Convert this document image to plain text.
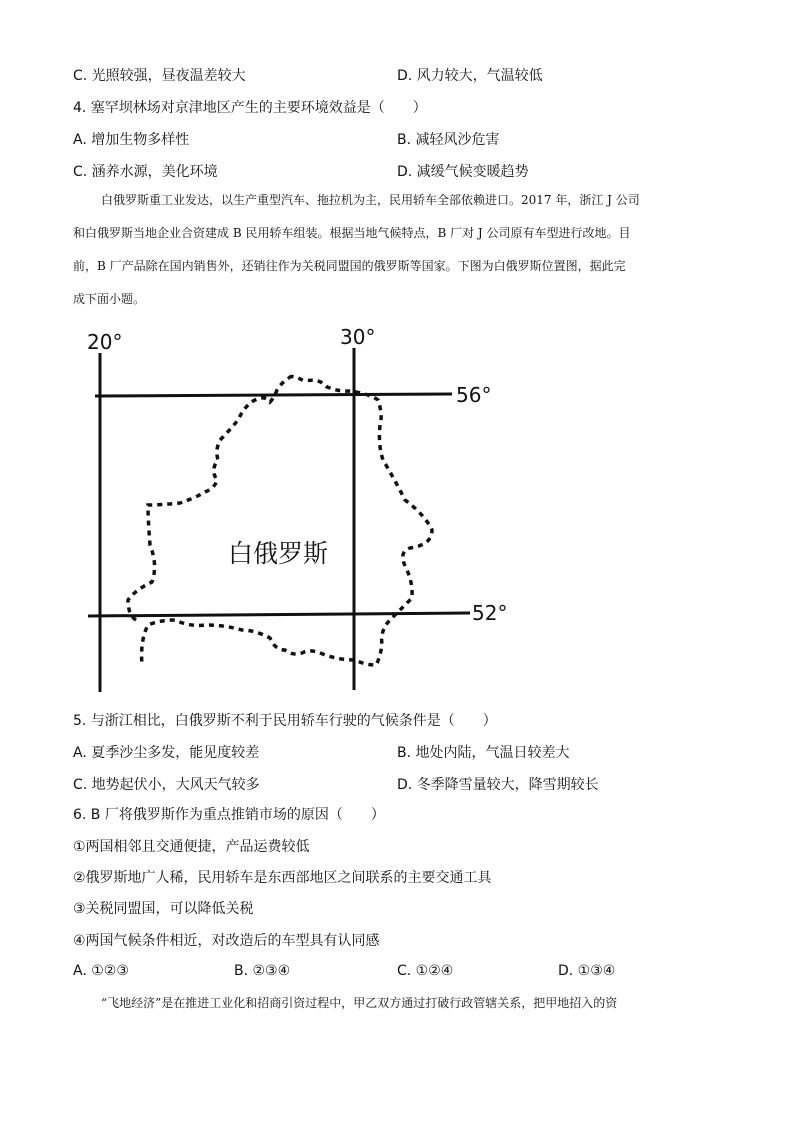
C. 光照较强，昼夜温差较大	D. 风力较大，气温较低
4. 塞罕坝林场对京津地区产生的主要环境效益是（　　）
A. 增加生物多样性	B. 减轻风沙危害
C. 涵养水源，美化环境	D. 减缓气候变暖趋势
白俄罗斯重工业发达，以生产重型汽车、拖拉机为主，民用轿车全部依赖进口。2017 年，浙江 J 公司
和白俄罗斯当地企业合资建成 B 民用轿车组装。根据当地气候特点，B 厂对 J 公司原有车型进行改地。目
前，B 厂产品除在国内销售外，还销往作为关税同盟国的俄罗斯等国家。下图为白俄罗斯位置图，据此完
成下面小题。
20°	30°
56°
52°
白俄罗斯
5. 与浙江相比，白俄罗斯不利于民用轿车行驶的气候条件是（　　）
A. 夏季沙尘多发，能见度较差	B. 地处内陆，气温日较差大
C. 地势起伏小，大风天气较多	D. 冬季降雪量较大，降雪期较长
6. B 厂将俄罗斯作为重点推销市场的原因（　　）
①两国相邻且交通便捷，产品运费较低
②俄罗斯地广人稀，民用轿车是东西部地区之间联系的主要交通工具
③关税同盟国，可以降低关税
④两国气候条件相近，对改造后的车型具有认同感
A. ①②③	B. ②③④	C. ①②④	D. ①③④
“飞地经济”是在推进工业化和招商引资过程中，甲乙双方通过打破行政管辖关系，把甲地招入的资
